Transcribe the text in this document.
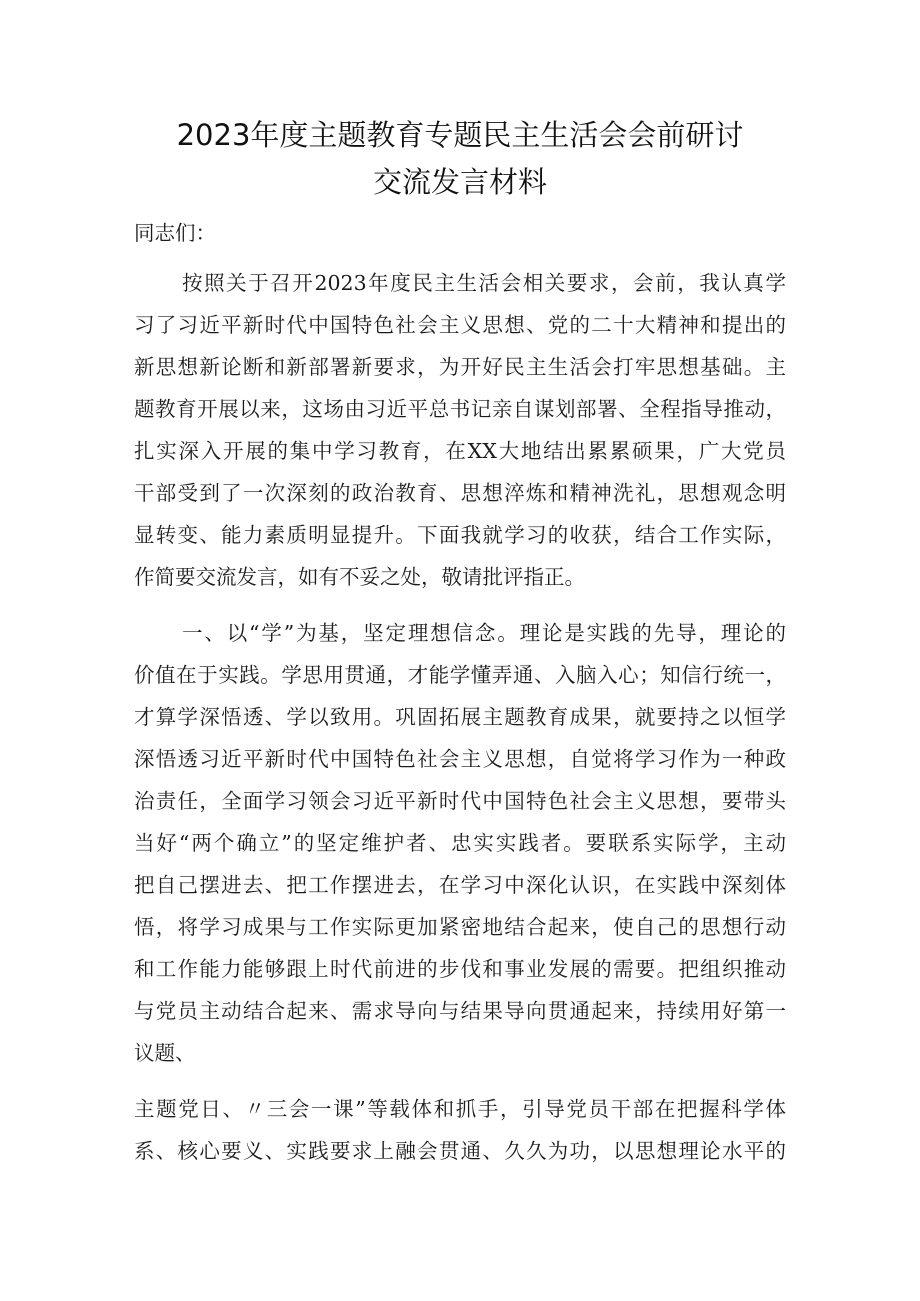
2023年度主题教育专题民主生活会会前研讨
交流发言材料
同志们：
按照关于召开2023年度民主生活会相关要求，会前，我认真学
习了习近平新时代中国特色社会主义思想、党的二十大精神和提出的
新思想新论断和新部署新要求，为开好民主生活会打牢思想基础。主
题教育开展以来，这场由习近平总书记亲自谋划部署、全程指导推动，
扎实深入开展的集中学习教育，在XX大地结出累累硕果，广大党员
干部受到了一次深刻的政治教育、思想淬炼和精神洗礼，思想观念明
显转变、能力素质明显提升。下面我就学习的收获，结合工作实际，
作简要交流发言，如有不妥之处，敬请批评指正。
一、以“学”为基，坚定理想信念。理论是实践的先导，理论的
价值在于实践。学思用贯通，才能学懂弄通、入脑入心；知信行统一，
才算学深悟透、学以致用。巩固拓展主题教育成果，就要持之以恒学
深悟透习近平新时代中国特色社会主义思想，自觉将学习作为一种政
治责任，全面学习领会习近平新时代中国特色社会主义思想，要带头
当好“两个确立”的坚定维护者、忠实实践者。要联系实际学，主动
把自己摆进去、把工作摆进去，在学习中深化认识，在实践中深刻体
悟，将学习成果与工作实际更加紧密地结合起来，使自己的思想行动
和工作能力能够跟上时代前进的步伐和事业发展的需要。把组织推动
与党员主动结合起来、需求导向与结果导向贯通起来，持续用好第一
议题、
主题党日、〃三会一课”等载体和抓手，引导党员干部在把握科学体
系、核心要义、实践要求上融会贯通、久久为功，以思想理论水平的
